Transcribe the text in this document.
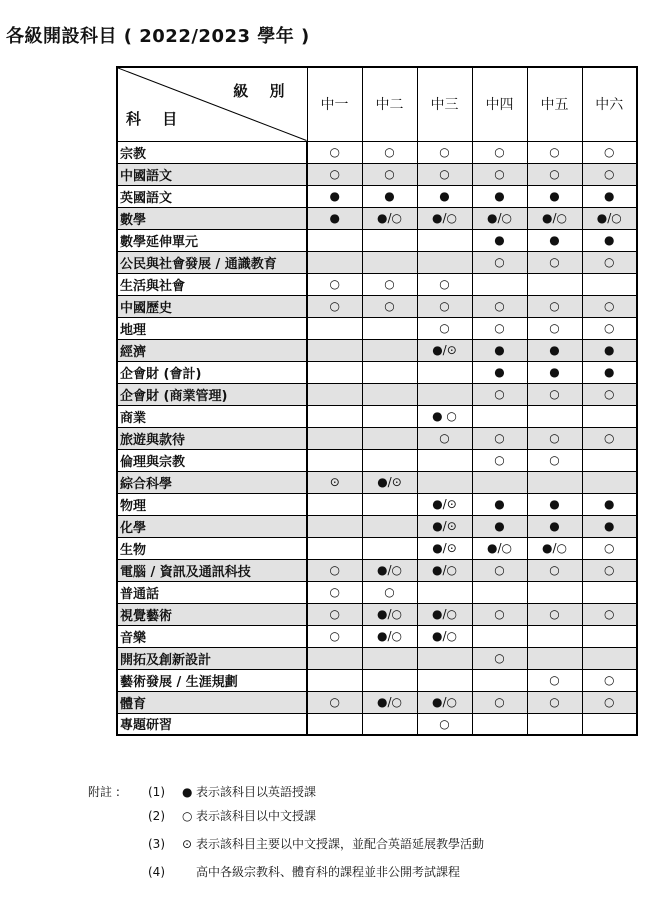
各級開設科目 ( 2022/2023 學年 )
級 別
科 目	中一	中二	中三	中四	中五	中六
宗教	○	○	○	○	○	○
中國語文	○	○	○	○	○	○
英國語文	●	●	●	●	●	●
數學	●	●/○	●/○	●/○	●/○	●/○
數學延伸單元				●	●	●
公民與社會發展 / 通識教育				○	○	○
生活與社會	○	○	○			
中國歷史	○	○	○	○	○	○
地理			○	○	○	○
經濟			●/⊙	●	●	●
企會財 (會計)				●	●	●
企會財 (商業管理)				○	○	○
商業			● ○			
旅遊與款待			○	○	○	○
倫理與宗教				○	○	
綜合科學	⊙	●/⊙				
物理			●/⊙	●	●	●
化學			●/⊙	●	●	●
生物			●/⊙	●/○	●/○	○
電腦 / 資訊及通訊科技	○	●/○	●/○	○	○	○
普通話	○	○				
視覺藝術	○	●/○	●/○	○	○	○
音樂	○	●/○	●/○			
開拓及創新設計				○		
藝術發展 / 生涯規劃					○	○
體育	○	●/○	●/○	○	○	○
專題研習			○			
附註 : (1) ● 表示該科目以英語授課
(2) ○ 表示該科目以中文授課
(3) ⊙ 表示該科目主要以中文授課，並配合英語延展教學活動
(4)	高中各級宗教科、體育科的課程並非公開考試課程
